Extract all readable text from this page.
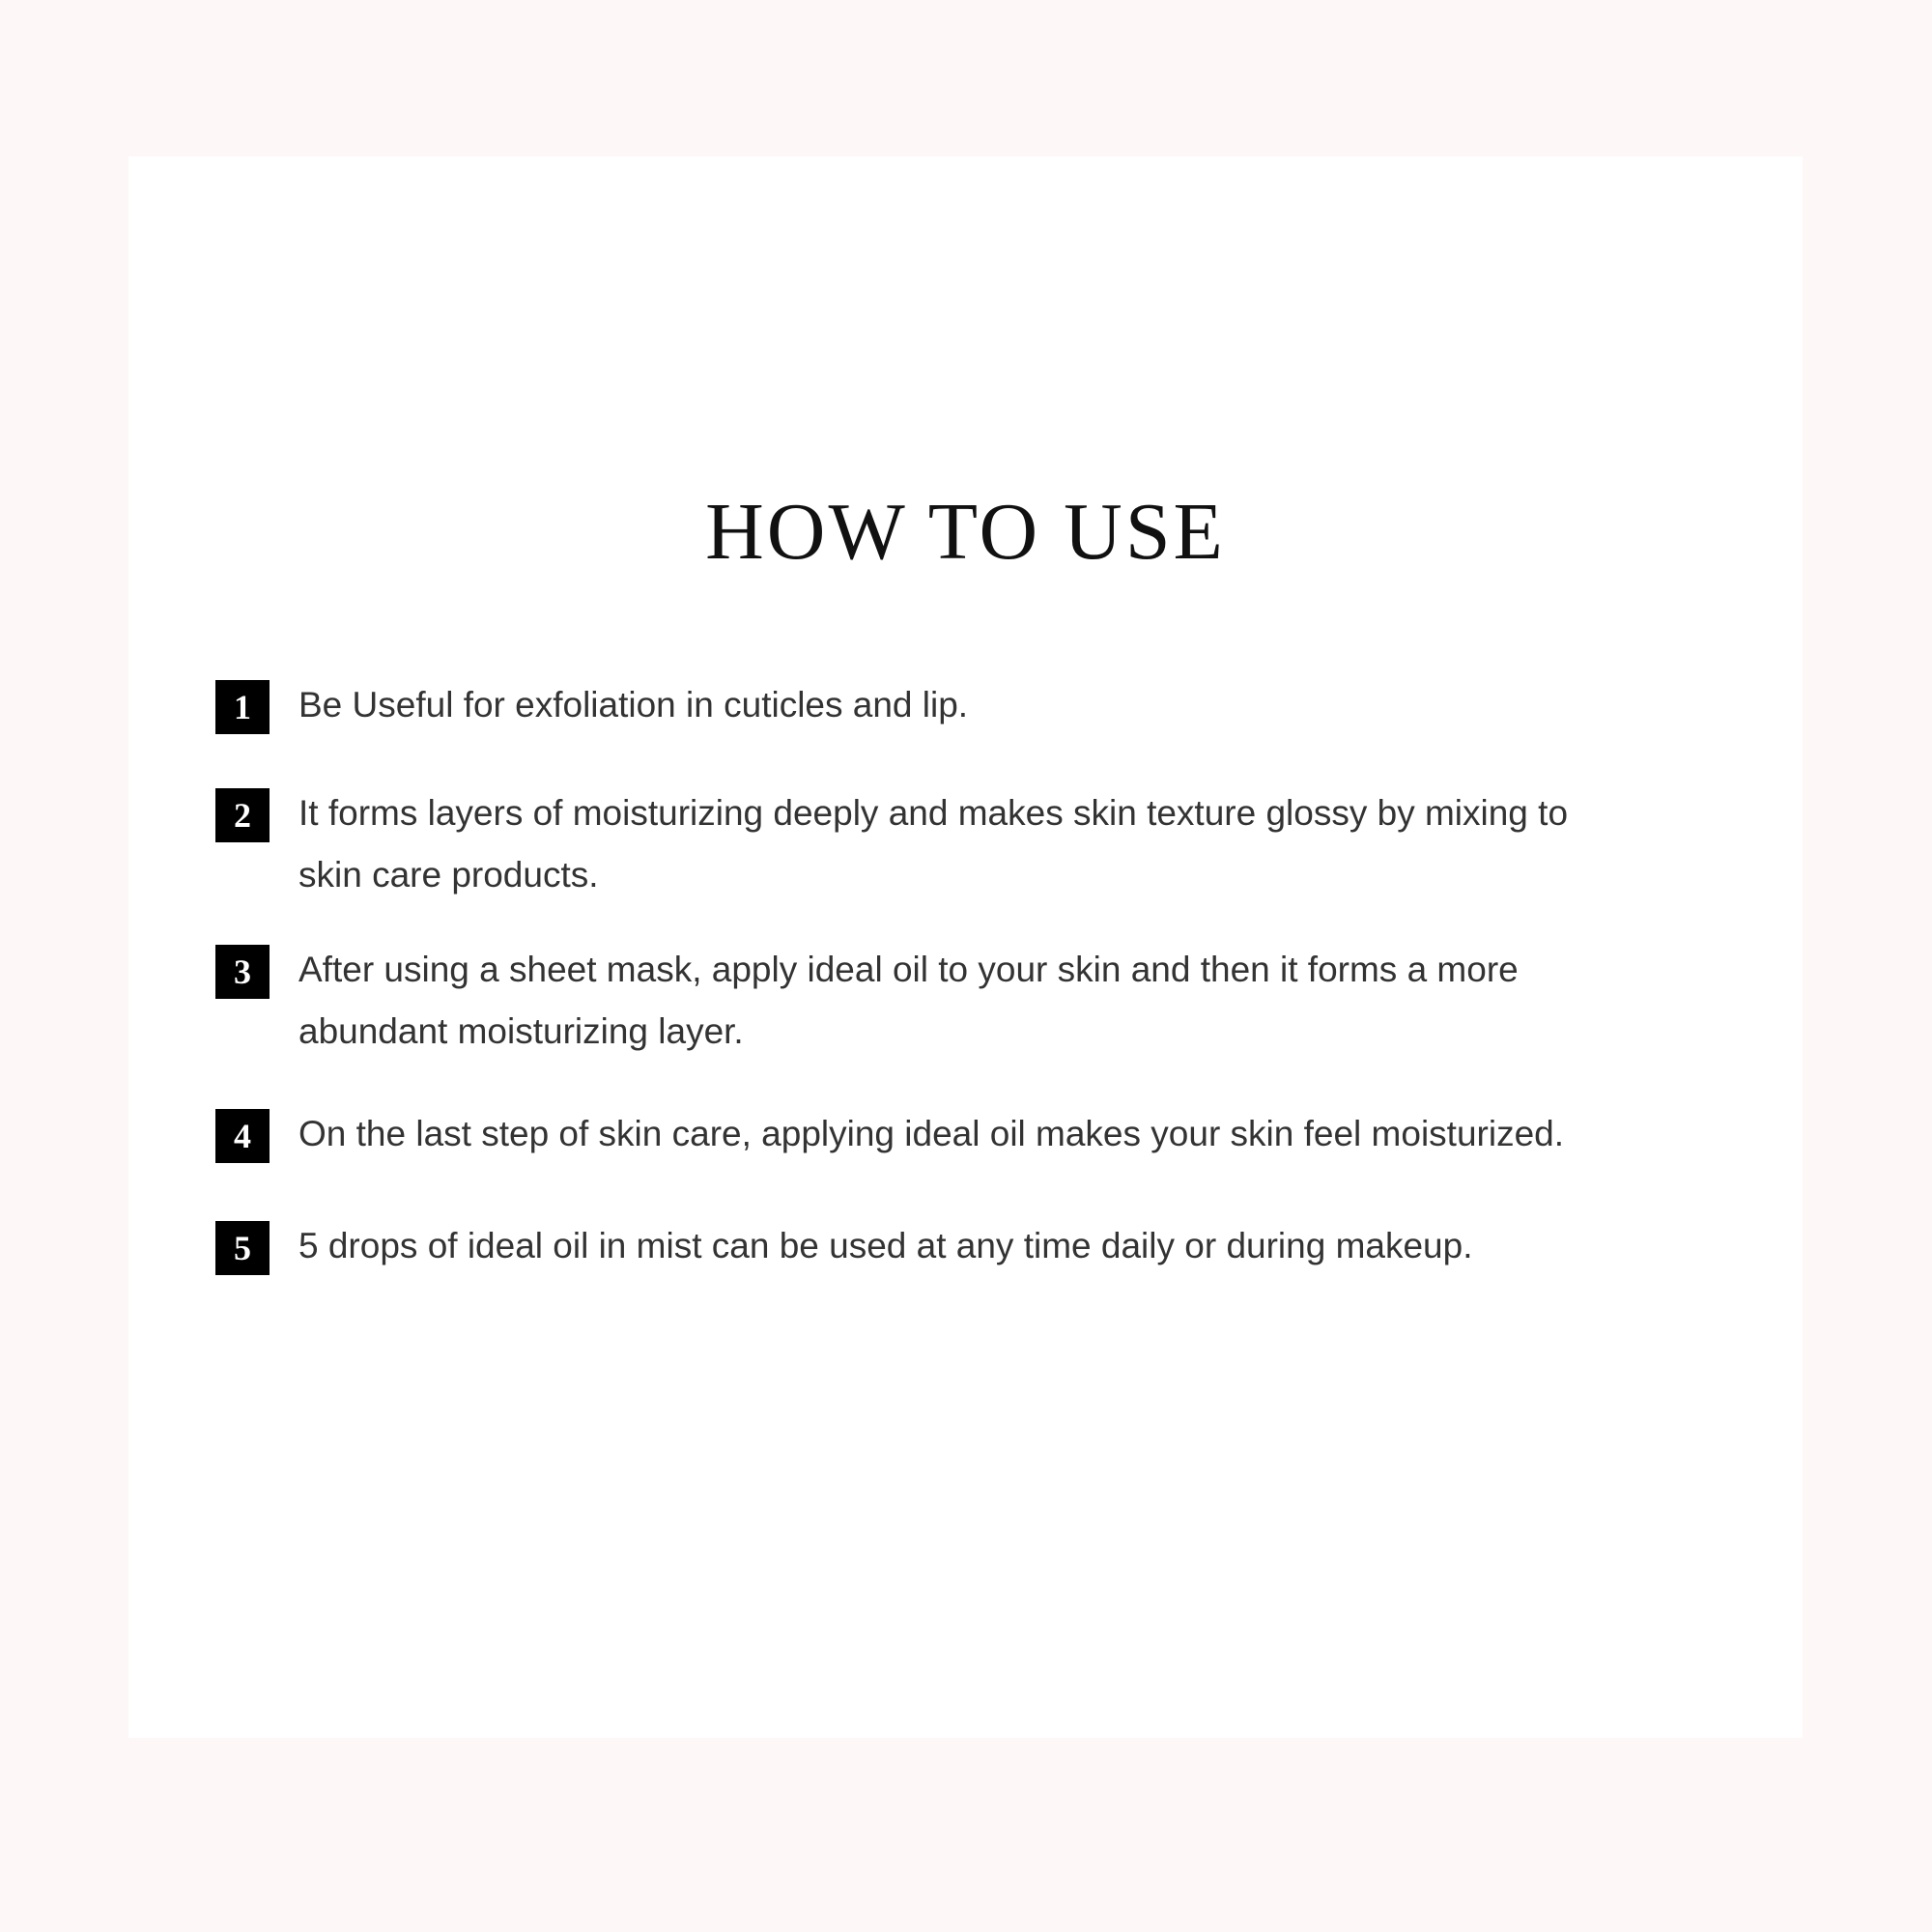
HOW TO USE
1	Be Useful for exfoliation in cuticles and lip.
2	It forms layers of moisturizing deeply and makes skin texture glossy by mixing to skin care products.
3	After using a sheet mask, apply ideal oil to your skin and then it forms a more abundant moisturizing layer.
4	On the last step of skin care, applying ideal oil makes your skin feel moisturized.
5	5 drops of ideal oil in mist can be used at any time daily or during makeup.
